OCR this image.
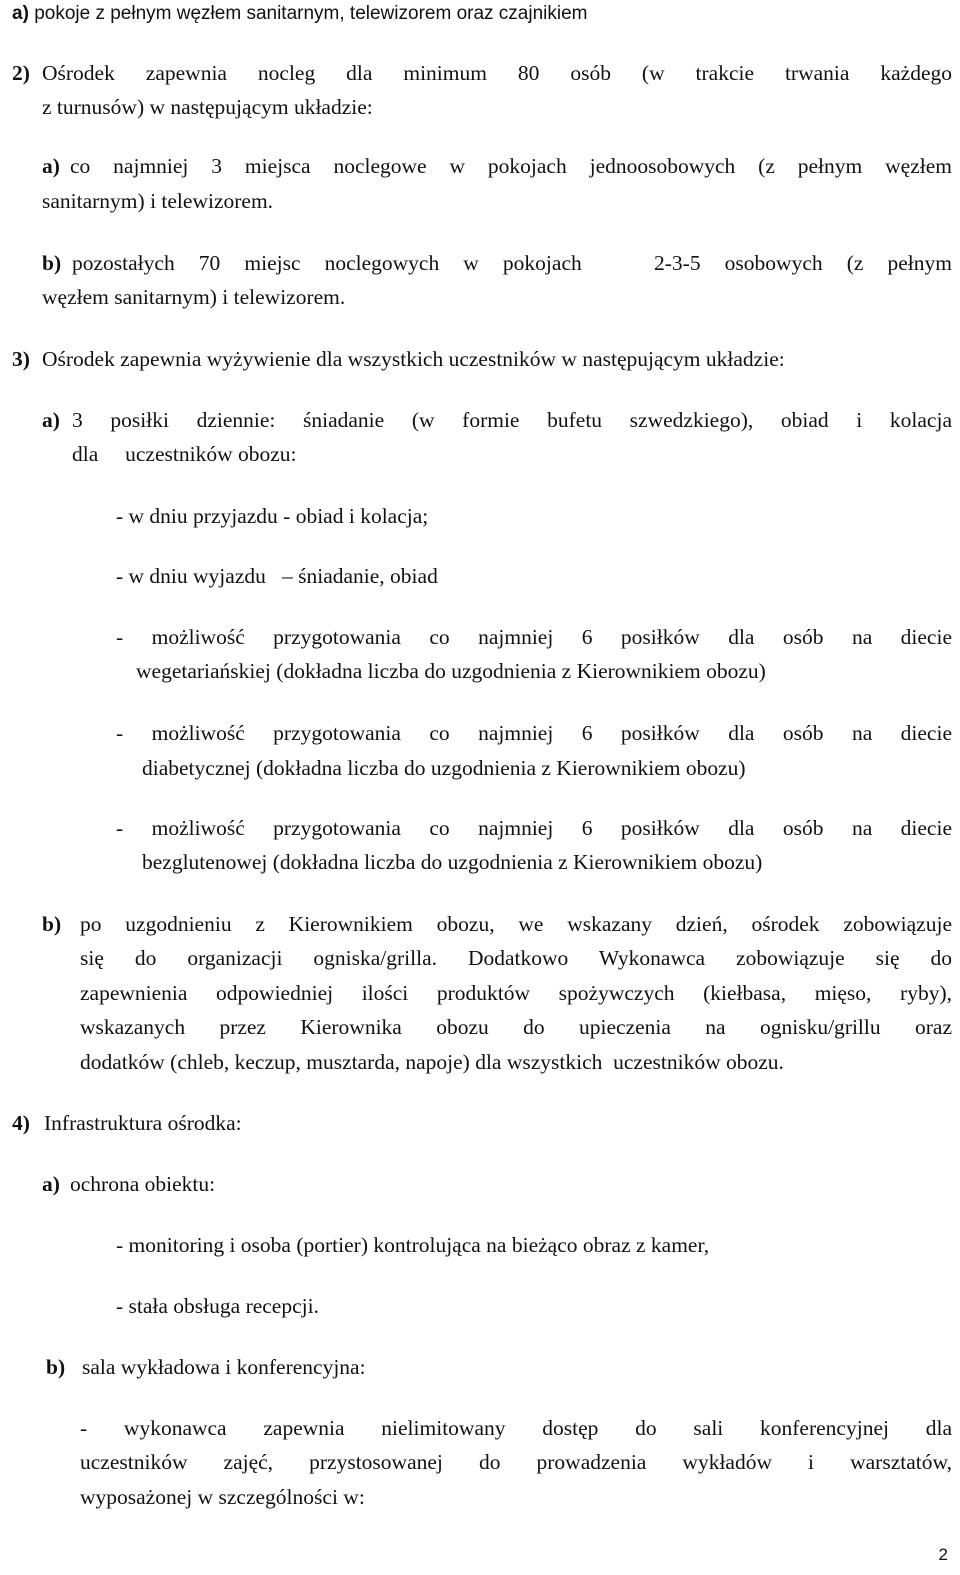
a) pokoje z pełnym węzłem sanitarnym, telewizorem oraz czajnikiem
2) Ośrodek zapewnia nocleg dla minimum 80 osób (w trakcie trwania każdego
z turnusów) w następującym układzie:
a) co najmniej 3 miejsca noclegowe w pokojach jednoosobowych (z pełnym węzłem
sanitarnym) i telewizorem.
b) pozostałych 70 miejsc noclegowych w pokojach   2-3-5 osobowych (z pełnym
węzłem sanitarnym) i telewizorem.
3) Ośrodek zapewnia wyżywienie dla wszystkich uczestników w następującym układzie:
a) 3 posiłki dziennie: śniadanie (w formie bufetu szwedzkiego), obiad i kolacja
dla     uczestników obozu:
- w dniu przyjazdu - obiad i kolacja;
- w dniu wyjazdu   – śniadanie, obiad
- możliwość przygotowania co najmniej 6 posiłków dla osób na diecie
wegetariańskiej (dokładna liczba do uzgodnienia z Kierownikiem obozu)
- możliwość przygotowania co najmniej 6 posiłków dla osób na diecie
diabetycznej (dokładna liczba do uzgodnienia z Kierownikiem obozu)
- możliwość przygotowania co najmniej 6 posiłków dla osób na diecie
bezglutenowej (dokładna liczba do uzgodnienia z Kierownikiem obozu)
b) po uzgodnieniu z Kierownikiem obozu, we wskazany dzień, ośrodek zobowiązuje
się do organizacji ogniska/grilla. Dodatkowo Wykonawca zobowiązuje się do
zapewnienia odpowiedniej ilości produktów spożywczych (kiełbasa, mięso, ryby),
wskazanych przez Kierownika obozu do upieczenia na ognisku/grillu oraz
dodatków (chleb, keczup, musztarda, napoje) dla wszystkich  uczestników obozu.
4) Infrastruktura ośrodka:
a) ochrona obiektu:
- monitoring i osoba (portier) kontrolująca na bieżąco obraz z kamer,
- stała obsługa recepcji.
b) sala wykładowa i konferencyjna:
- wykonawca zapewnia nielimitowany dostęp do sali konferencyjnej dla
uczestników zajęć, przystosowanej do prowadzenia wykładów i warsztatów,
wyposażonej w szczególności w:
2
